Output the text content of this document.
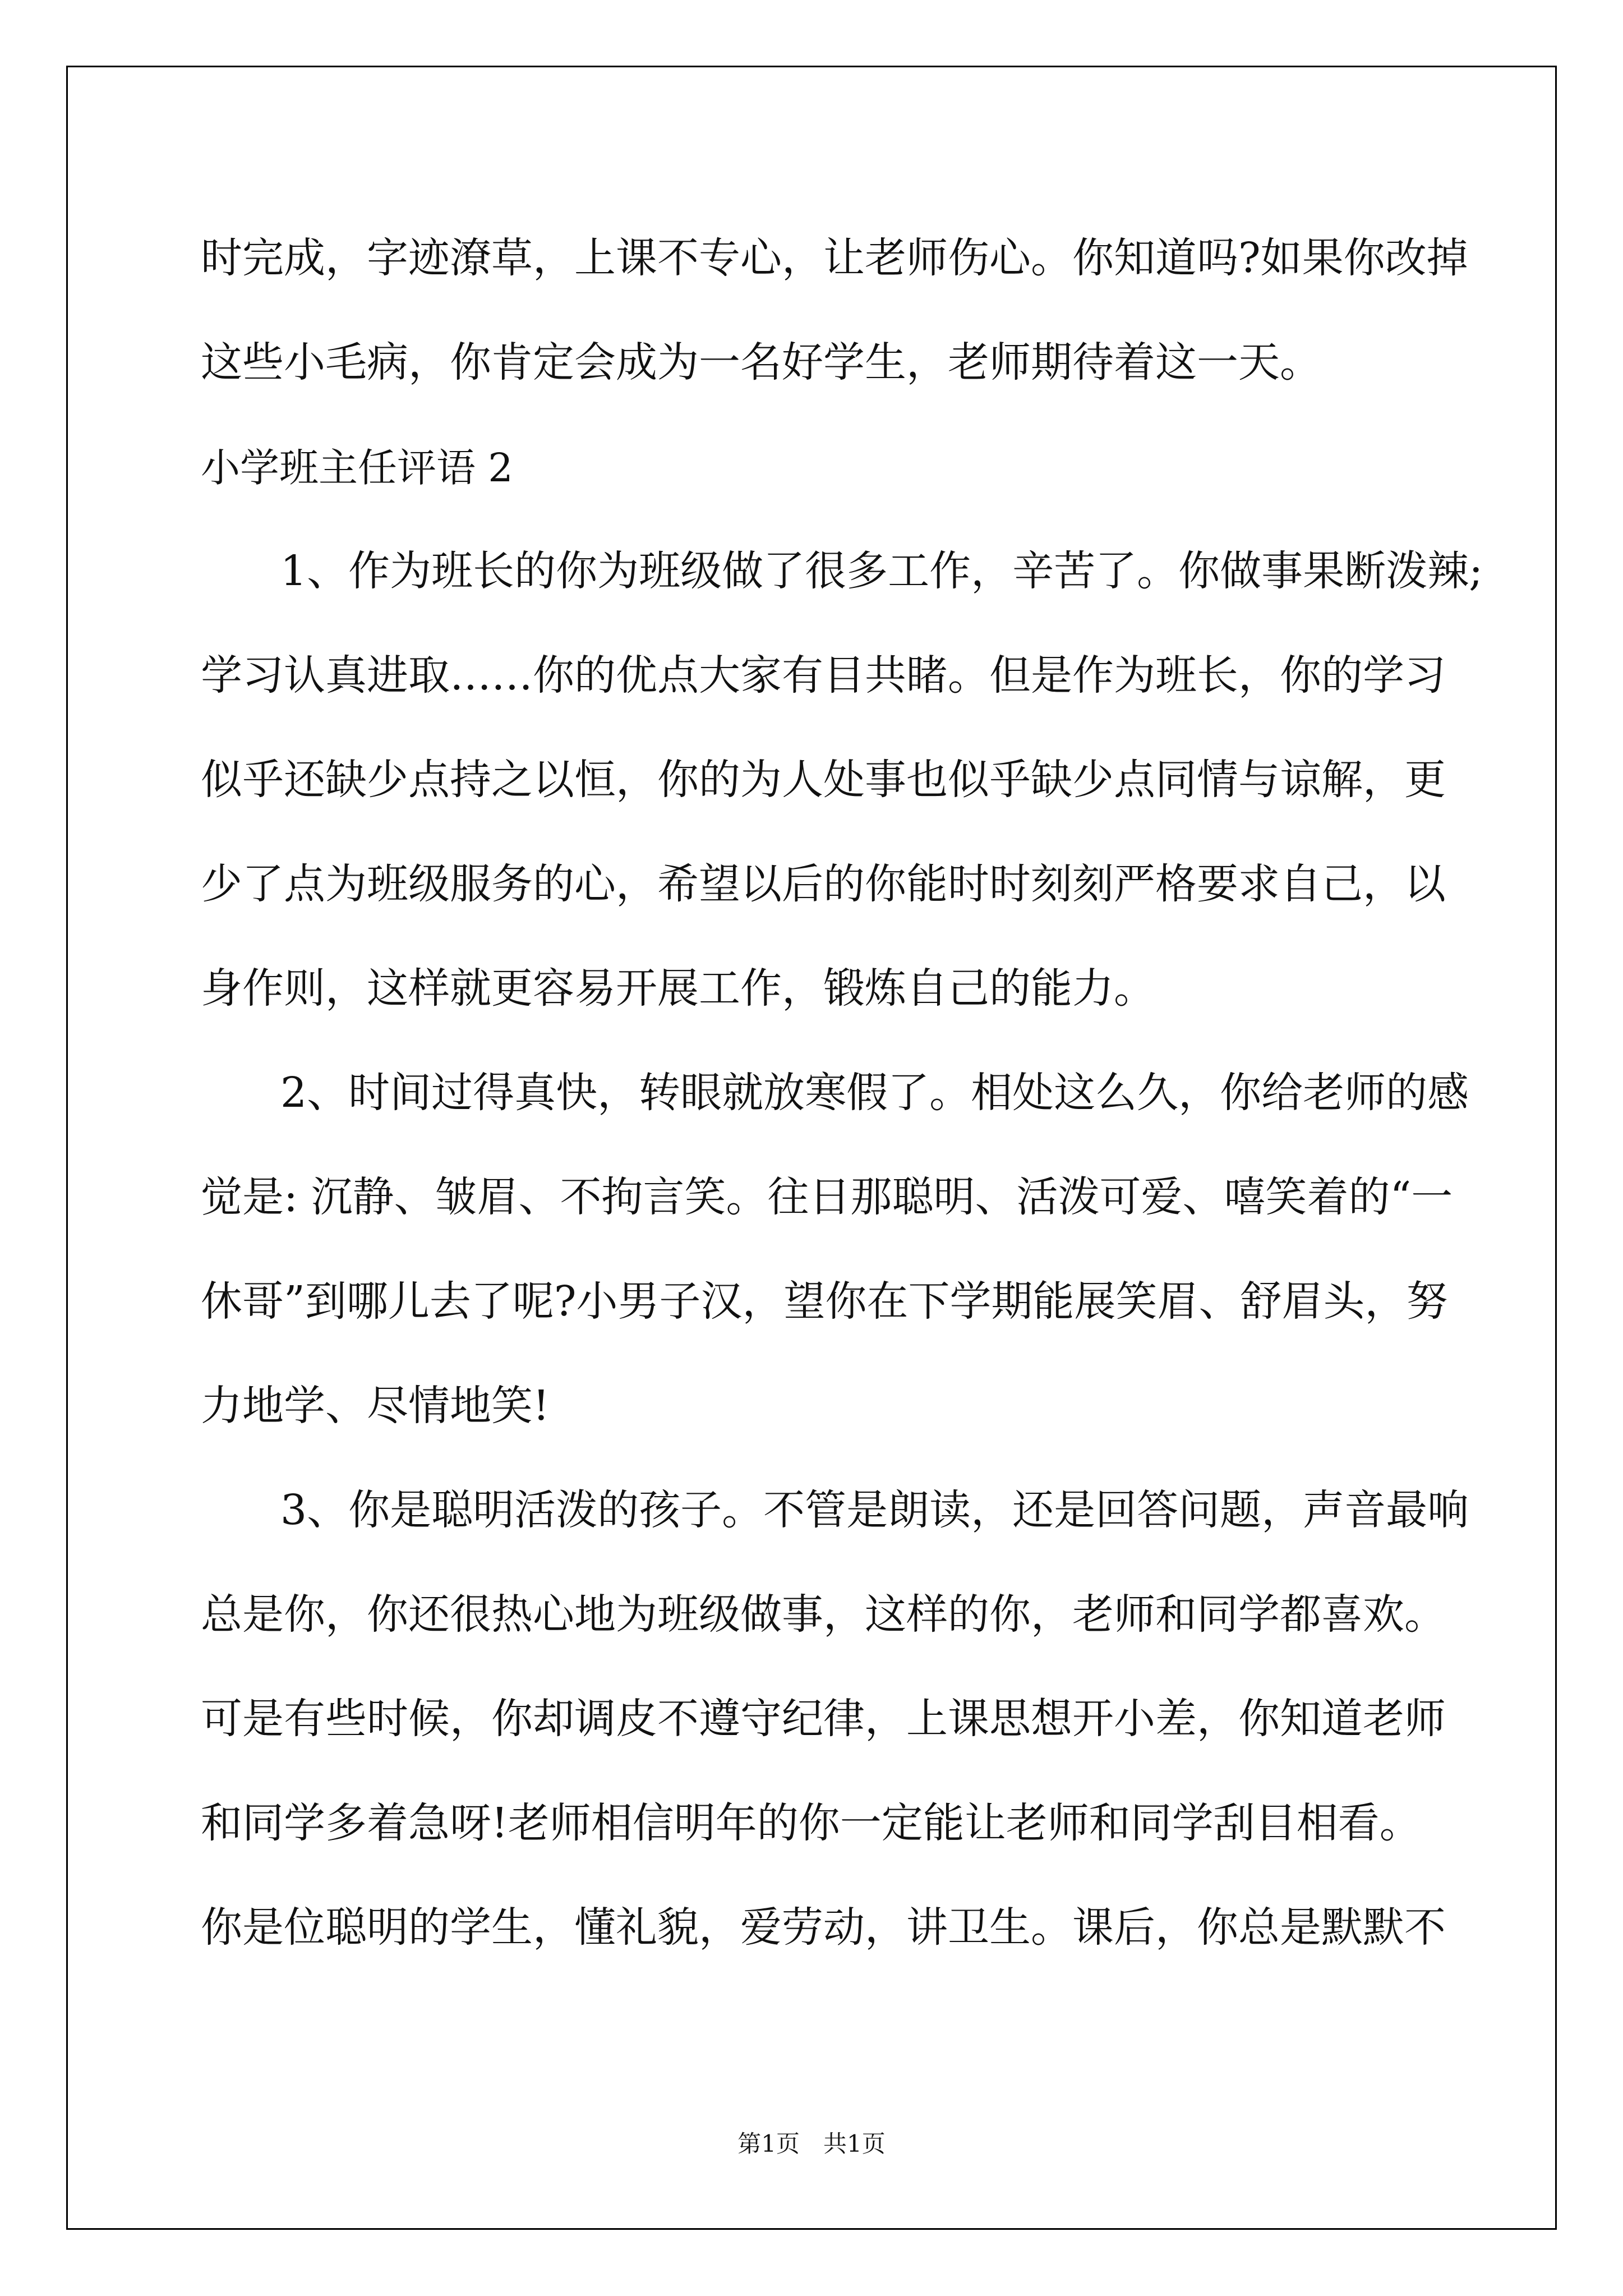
时完成，字迹潦草，上课不专心，让老师伤心。你知道吗?如果你改掉

这些小毛病，你肯定会成为一名好学生，老师期待着这一天。

小学班主任评语 2

1、作为班长的你为班级做了很多工作，辛苦了。你做事果断泼辣;

学习认真进取……你的优点大家有目共睹。但是作为班长，你的学习

似乎还缺少点持之以恒，你的为人处事也似乎缺少点同情与谅解，更

少了点为班级服务的心，希望以后的你能时时刻刻严格要求自己，以

身作则，这样就更容易开展工作，锻炼自己的能力。

2、时间过得真快，转眼就放寒假了。相处这么久，你给老师的感

觉是: 沉静、皱眉、不拘言笑。往日那聪明、活泼可爱、嘻笑着的“一

休哥”到哪儿去了呢?小男子汉，望你在下学期能展笑眉、舒眉头，努

力地学、尽情地笑!

3、你是聪明活泼的孩子。不管是朗读，还是回答问题，声音最响

总是你，你还很热心地为班级做事，这样的你，老师和同学都喜欢。

可是有些时候，你却调皮不遵守纪律，上课思想开小差，你知道老师

和同学多着急呀!老师相信明年的你一定能让老师和同学刮目相看。

你是位聪明的学生，懂礼貌，爱劳动，讲卫生。课后，你总是默默不

第1页　共1页
